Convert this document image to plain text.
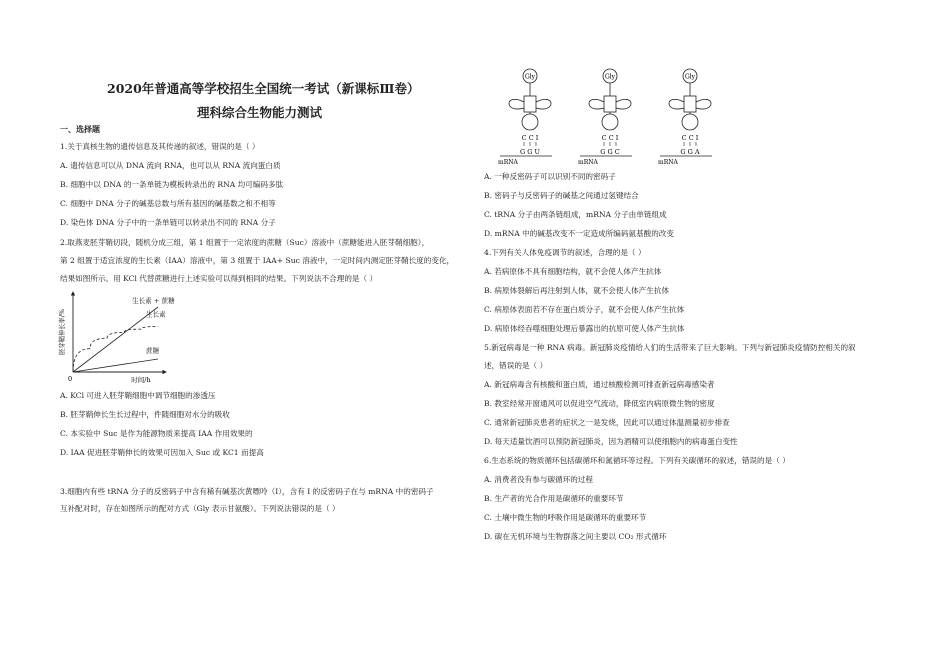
2020年普通高等学校招生全国统一考试（新课标Ⅲ卷）
理科综合生物能力测试
一、选择题
1.关于真核生物的遗传信息及其传递的叙述，错误的是（ ）
A. 遗传信息可以从 DNA 流向 RNA，也可以从 RNA 流向蛋白质
B. 细胞中以 DNA 的一条单链为模板转录出的 RNA 均可编码多肽
C. 细胞中 DNA 分子的碱基总数与所有基因的碱基数之和不相等
D. 染色体 DNA 分子中的一条单链可以转录出不同的 RNA 分子
2.取燕麦胚芽鞘切段，随机分成三组，第 1 组置于一定浓度的蔗糖（Suc）溶液中（蔗糖能进入胚芽鞘细胞），
第 2 组置于适宜浓度的生长素（IAA）溶液中，第 3 组置于 IAA+ Suc 溶液中，一定时间内测定胚芽鞘长度的变化，
结果如图所示。用 KCl 代替蔗糖进行上述实验可以得到相同的结果。下列说法不合理的是（ ）
胚芽鞘伸长率/%
时间/h
0
生长素 + 蔗糖
生长素
蔗糖
A. KCl 可进入胚芽鞘细胞中调节细胞的渗透压
B. 胚芽鞘伸长生长过程中，件随细胞对水分的吸收
C. 本实验中 Suc 是作为能源物质来提高 IAA 作用效果的
D. IAA 促进胚芽鞘伸长的效果可因加入 Suc 或 KC1 而提高
3.细胞内有些 tRNA 分子的反密码子中含有稀有碱基次黄嘌呤（I），含有 I 的反密码子在与 mRNA 中的密码子
互补配对时，存在如图所示的配对方式（Gly 表示甘氨酸）。下列说法错误的是（ ）
Gly
C C I
G G U
mRNA
Gly
C C I
G G C
mRNA
Gly
C C I
G G A
mRNA
A. 一种反密码子可以识别不同的密码子
B. 密码子与反密码子的碱基之间通过氢键结合
C. tRNA 分子由两条链组成，mRNA 分子由单链组成
D. mRNA 中的碱基改变不一定造成所编码氨基酸的改变
4.下列有关人体免疫调节的叙述，合理的是（ ）
A. 若病原体不具有细胞结构，就不会使人体产生抗体
B. 病原体裂解后再注射到人体，就不会使人体产生抗体
C. 病原体表面若不存在蛋白质分子，就不会使人体产生抗体
D. 病原体经吞噬细胞处理后暴露出的抗原可使人体产生抗体
5.新冠病毒是一种 RNA 病毒。新冠肺炎疫情给人们的生活带来了巨大影响。下列与新冠肺炎疫情防控相关的叙
述，错误的是（ ）
A. 新冠病毒含有核酸和蛋白质，通过核酸检测可排查新冠病毒感染者
B. 教室经常开窗通风可以促进空气流动，降低室内病原微生物的密度
C. 通常新冠肺炎患者的症状之一是发烧，因此可以通过体温测量初步排查
D. 每天适量饮酒可以预防新冠肺炎，因为酒精可以使细胞内的病毒蛋白变性
6.生态系统的物质循环包括碳循环和氮循环等过程。下列有关碳循环的叙述，错误的是（ ）
A. 消费者没有参与碳循环的过程
B. 生产者的光合作用是碳循环的重要环节
C. 土壤中微生物的呼吸作用是碳循环的重要环节
D. 碳在无机环境与生物群落之间主要以 CO₂ 形式循环
